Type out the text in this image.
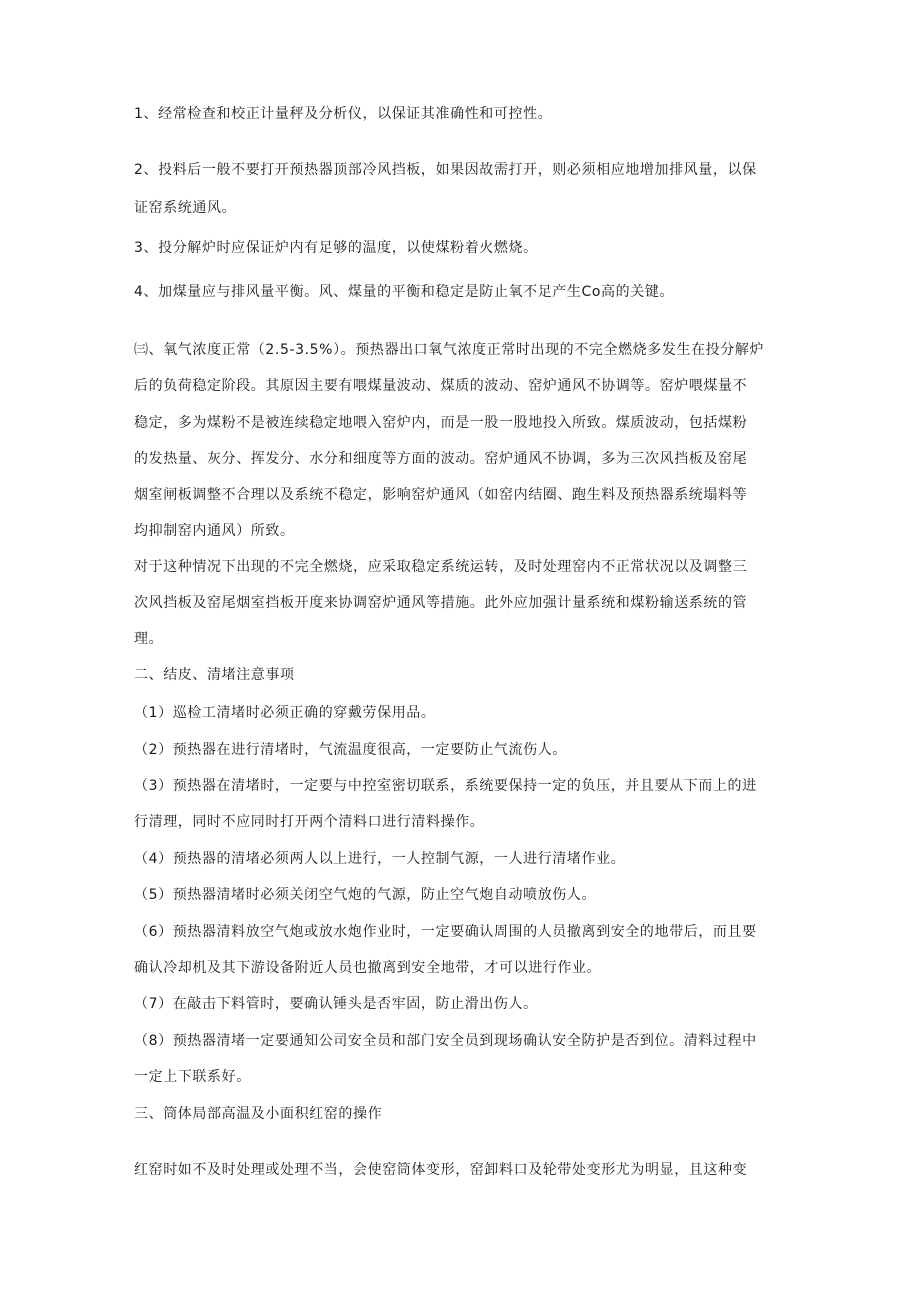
1、经常检查和校正计量秤及分析仪，以保证其准确性和可控性。
2、投料后一般不要打开预热器顶部冷风挡板，如果因故需打开，则必须相应地增加排风量，以保
证窑系统通风。
3、投分解炉时应保证炉内有足够的温度，以使煤粉着火燃烧。
4、加煤量应与排风量平衡。风、煤量的平衡和稳定是防止氧不足产生Co高的关键。
㈢、氧气浓度正常（2.5-3.5%）。预热器出口氧气浓度正常时出现的不完全燃烧多发生在投分解炉
后的负荷稳定阶段。其原因主要有喂煤量波动、煤质的波动、窑炉通风不协调等。窑炉喂煤量不
稳定，多为煤粉不是被连续稳定地喂入窑炉内，而是一股一股地投入所致。煤质波动，包括煤粉
的发热量、灰分、挥发分、水分和细度等方面的波动。窑炉通风不协调，多为三次风挡板及窑尾
烟室闸板调整不合理以及系统不稳定，影响窑炉通风（如窑内结圈、跑生料及预热器系统塌料等
均抑制窑内通风）所致。
对于这种情况下出现的不完全燃烧，应采取稳定系统运转，及时处理窑内不正常状况以及调整三
次风挡板及窑尾烟室挡板开度来协调窑炉通风等措施。此外应加强计量系统和煤粉输送系统的管
理。
二、结皮、清堵注意事项
（1）巡检工清堵时必须正确的穿戴劳保用品。
（2）预热器在进行清堵时，气流温度很高，一定要防止气流伤人。
（3）预热器在清堵时，一定要与中控室密切联系，系统要保持一定的负压，并且要从下而上的进
行清理，同时不应同时打开两个清料口进行清料操作。
（4）预热器的清堵必须两人以上进行，一人控制气源，一人进行清堵作业。
（5）预热器清堵时必须关闭空气炮的气源，防止空气炮自动喷放伤人。
（6）预热器清料放空气炮或放水炮作业时，一定要确认周围的人员撤离到安全的地带后，而且要
确认冷却机及其下游设备附近人员也撤离到安全地带，才可以进行作业。
（7）在敲击下料管时，要确认锤头是否牢固，防止滑出伤人。
（8）预热器清堵一定要通知公司安全员和部门安全员到现场确认安全防护是否到位。清料过程中
一定上下联系好。
三、筒体局部高温及小面积红窑的操作
红窑时如不及时处理或处理不当，会使窑筒体变形，窑卸料口及轮带处变形尤为明显，且这种变
